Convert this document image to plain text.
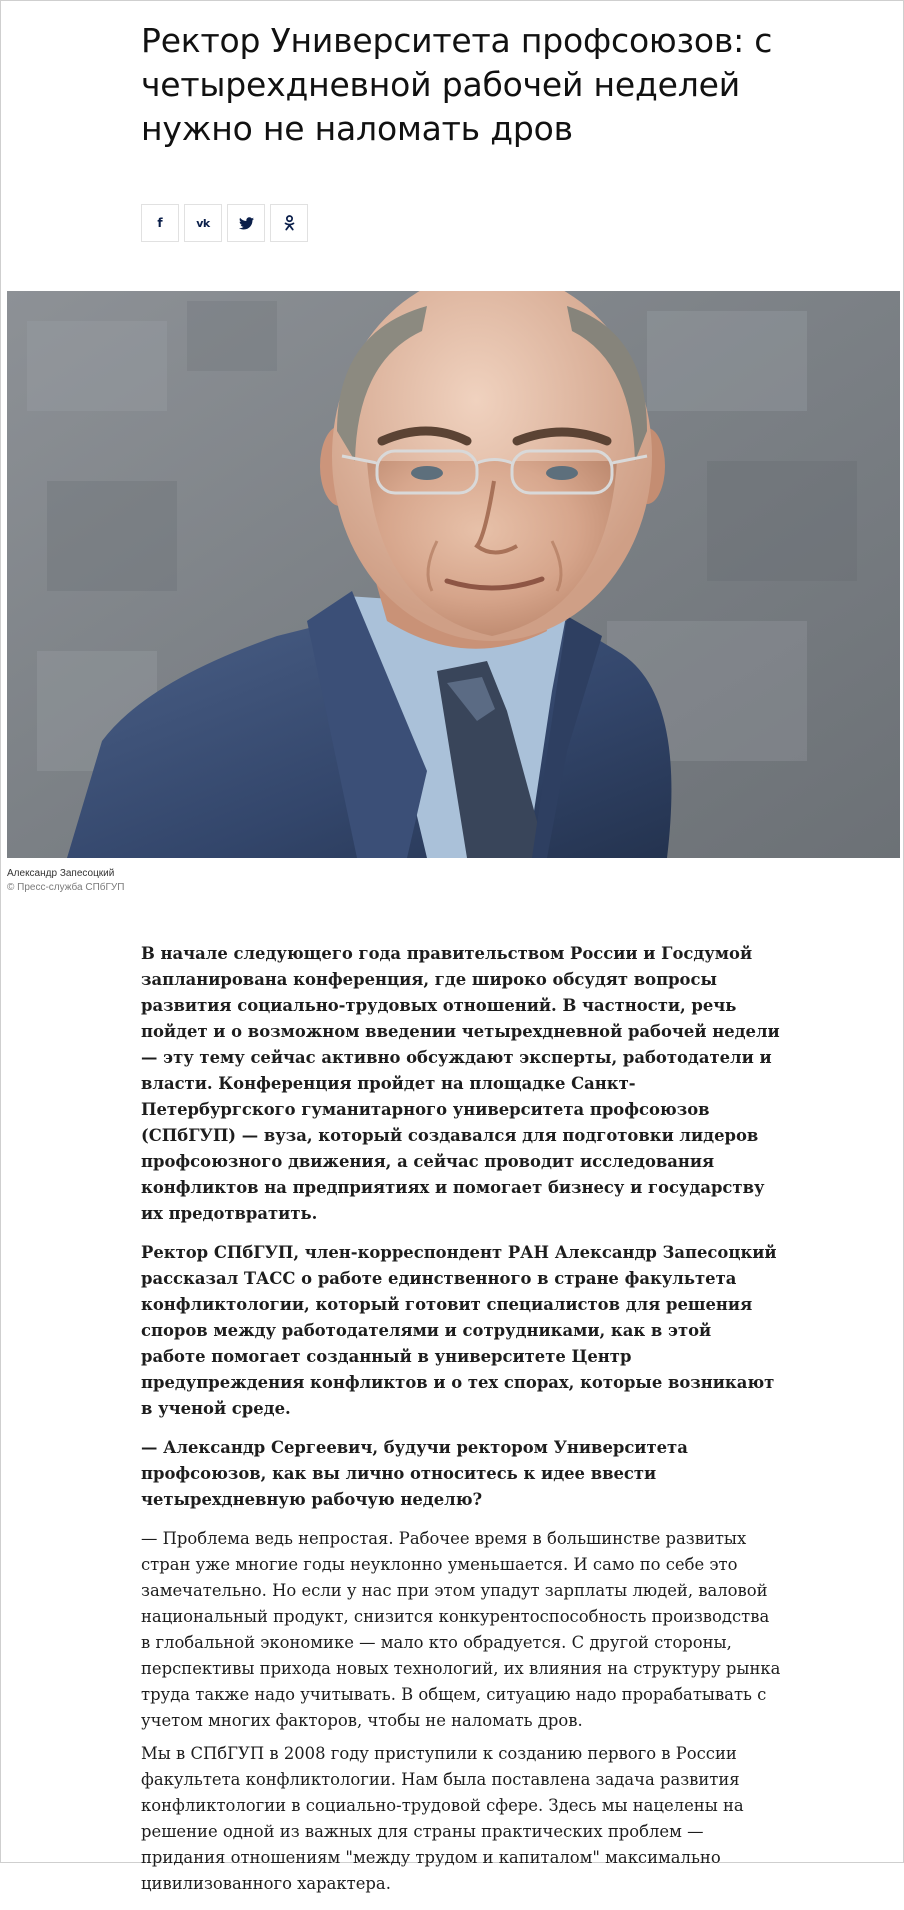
Ректор Университета профсоюзов: с четырехдневной рабочей неделей нужно не наломать дров
f	vk
Александр Запесоцкий
© Пресс-служба СПбГУП

В начале следующего года правительством России и Госдумой запланирована конференция, где широко обсудят вопросы развития социально-трудовых отношений. В частности, речь пойдет и о возможном введении четырехдневной рабочей недели — эту тему сейчас активно обсуждают эксперты, работодатели и власти. Конференция пройдет на площадке Санкт-Петербургского гуманитарного университета профсоюзов (СПбГУП) — вуза, который создавался для подготовки лидеров профсоюзного движения, а сейчас проводит исследования конфликтов на предприятиях и помогает бизнесу и государству их предотвратить.

Ректор СПбГУП, член-корреспондент РАН Александр Запесоцкий рассказал ТАСС о работе единственного в стране факультета конфликтологии, который готовит специалистов для решения споров между работодателями и сотрудниками, как в этой работе помогает созданный в университете Центр предупреждения конфликтов и о тех спорах, которые возникают в ученой среде.

— Александр Сергеевич, будучи ректором Университета профсоюзов, как вы лично относитесь к идее ввести четырехдневную рабочую неделю?

— Проблема ведь непростая. Рабочее время в большинстве развитых стран уже многие годы неуклонно уменьшается. И само по себе это замечательно. Но если у нас при этом упадут зарплаты людей, валовой национальный продукт, снизится конкурентоспособность производства в глобальной экономике — мало кто обрадуется. С другой стороны, перспективы прихода новых технологий, их влияния на структуру рынка труда также надо учитывать. В общем, ситуацию надо прорабатывать с учетом многих факторов, чтобы не наломать дров.

Мы в СПбГУП в 2008 году приступили к созданию первого в России факультета конфликтологии. Нам была поставлена задача развития конфликтологии в социально-трудовой сфере. Здесь мы нацелены на решение одной из важных для страны практических проблем — придания отношениям "между трудом и капиталом" максимально цивилизованного характера.
